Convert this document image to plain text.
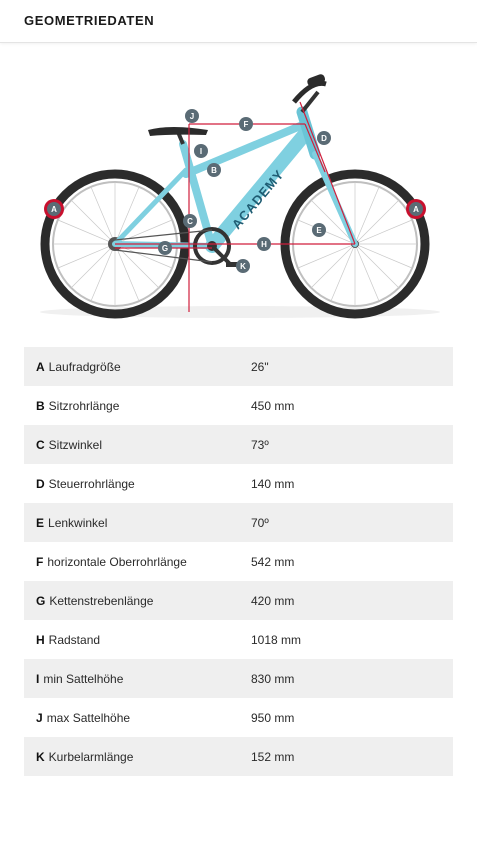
GEOMETRIEDATEN
ACADEMY
A	A
B
C
D
E
F
G	H
I
J
K
A Laufradgröße	26"
B Sitzrohrlänge	450 mm
C Sitzwinkel	73º
D Steuerrohrlänge	140 mm
E Lenkwinkel	70º
F horizontale Oberrohrlänge	542 mm
G Kettenstrebenlänge	420 mm
H Radstand	1018 mm
I min Sattelhöhe	830 mm
J max Sattelhöhe	950 mm
K Kurbelarmlänge	152 mm
